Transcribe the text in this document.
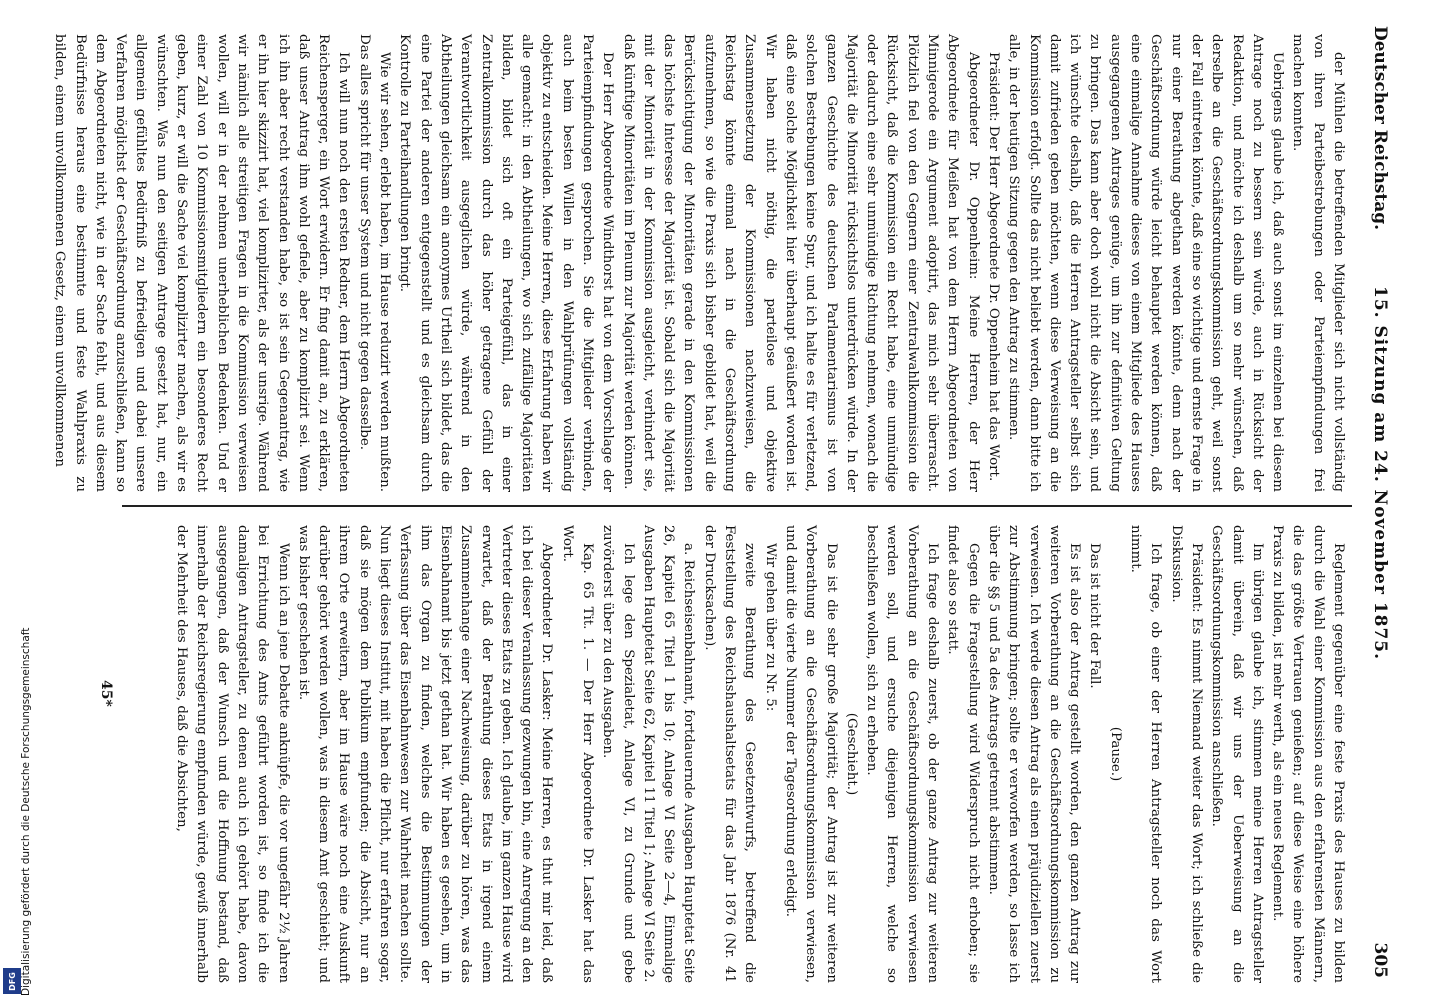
Deutscher Reichstag.
15. Sitzung am 24. November 1875.
305

der Mühlen die betreffenden Mitglieder sich nicht vollständig von ihren Parteibestrebungen oder Parteiempfindungen frei machen konnten.

Uebrigens glaube ich, daß auch sonst im einzelnen bei diesem Antrage noch zu bessern sein würde, auch in Rücksicht der Redaktion, und möchte ich deshalb um so mehr wünschen, daß derselbe an die Geschäftsordnungskommission geht, weil sonst der Fall eintreten könnte, daß eine so wichtige und ernste Frage in nur einer Berathung abgethan werden könnte, denn nach der Geschäftsordnung würde leicht behauptet werden können, daß eine einmalige Annahme dieses von einem Mitgliede des Hauses ausgegangenen Antrages genüge, um ihn zur definitiven Geltung zu bringen. Das kann aber doch wohl nicht die Absicht sein, und ich wünschte deshalb, daß die Herren Antragsteller selbst sich damit zufrieden geben möchten, wenn diese Verweisung an die Kommission erfolgt. Sollte das nicht beliebt werden, dann bitte ich alle, in der heutigen Sitzung gegen den Antrag zu stimmen.

Präsident: Der Herr Abgeordnete Dr. Oppenheim hat das Wort.

Abgeordneter Dr. Oppenheim: Meine Herren, der Herr Abgeordnete für Meißen hat von dem Herrn Abgeordneten von Minnigerode ein Argument adoptirt, das mich sehr überrascht. Plötzlich fiel von den Gegnern einer Zentralwahlkommission die Rücksicht, daß die Kommission ein Recht habe, eine unmündige oder dadurch eine sehr unmündige Richtung nehmen, wonach die Majorität die Minorität rücksichtslos unterdrücken würde. In der ganzen Geschichte des deutschen Parlamentarismus ist von solchen Bestrebungen keine Spur, und ich halte es für verletzend, daß eine solche Möglichkeit hier überhaupt geäußert worden ist. Wir haben nicht nöthig, die parteilose und objektive Zusammensetzung der Kommissionen nachzuweisen, die Reichstag könnte einmal nach in die Geschäftsordnung aufzunehmen, so wie die Praxis sich bisher gebildet hat, weil die Berücksichtigung der Minoritäten gerade in den Kommissionen das höchste Interesse der Majorität ist. Sobald sich die Majorität mit der Minorität in der Kommission ausgleicht, verhindert sie, daß künftige Minoritäten im Plenum zur Majorität werden können.

Der Herr Abgeordnete Windthorst hat von dem Vorschlage der Parteiempfindungen gesprochen. Sie die Mitglieder verbinden, auch beim besten Willen in den Wahlprüfungen vollständig objektiv zu entscheiden. Meine Herren, diese Erfahrung haben wir alle gemacht: in den Abtheilungen, wo sich zufällige Majoritäten bilden, bildet sich oft ein Parteigefühl, das in einer Zentralkommission durch das höher getragene Gefühl der Verantwortlichkeit ausgeglichen würde, während in den Abtheilungen gleichsam ein anonymes Urtheil sich bildet, das die eine Partei der anderen entgegenstellt und es gleichsam durch Kontrolle zu Parteihandlungen bringt.

Wie wir sehen, erlebt haben, im Hause reduzirt werden mußten. Das alles spricht für unser System und nicht gegen dasselbe.

Ich will nun noch den ersten Redner, dem Herrn Abgeordneten Reichensperger, ein Wort erwidern. Er fing damit an, zu erklären, daß unser Antrag ihm wohl gefiele, aber zu komplizirt sei. Wenn ich ihn aber recht verstanden habe, so ist sein Gegenantrag, wie er ihn hier skizzirt hat, viel komplizirter, als der unsrige. Während wir nämlich alle streitigen Fragen in die Kommission verweisen wollen, will er in der nehmen unerheblichen Bedenken. Und er einer Zahl von 10 Kommissionsmitgliedern ein besonderes Recht geben, kurz, er will die Sache viel komplizirter machen, als wir es wünschten. Was nun den seitigen Antrage gesetzt hat, nur, ein allgemein gefühltes Bedürfniß zu befriedigen und dabei unsere Verfahren möglichst der Geschäftsordnung anzuschließen, kann so dem Abgeordneten nicht, wie in der Sache fehlt, und aus diesem Bedürfnisse heraus eine bestimmte und feste Wahlpraxis zu bilden, einem unvollkommenen Gesetz, einem unvollkommenen

Reglement gegenüber eine feste Praxis des Hauses zu bilden durch die Wahl einer Kommission aus den erfahrensten Männern, die das größte Vertrauen genießen; auf diese Weise eine höhere Praxis zu bilden, ist mehr werth, als ein neues Reglement.

Im übrigen glaube ich, stimmen meine Herren Antragsteller damit überein, daß wir uns der Ueberweisung an die Geschäftsordnungskommission anschließen.

Präsident: Es nimmt Niemand weiter das Wort; ich schließe die Diskussion.

Ich frage, ob einer der Herren Antragsteller noch das Wort nimmt.

(Pause.)

Das ist nicht der Fall.

Es ist also der Antrag gestellt worden, den ganzen Antrag zur weiteren Vorberathung an die Geschäftsordnungskommission zu verweisen. Ich werde diesen Antrag als einen präjudiziellen zuerst zur Abstimmung bringen; sollte er verworfen werden, so lasse ich über die §§ 5 und 5a des Antrags getrennt abstimmen.

Gegen die Fragestellung wird Widerspruch nicht erhoben; sie findet also so statt.

Ich frage deshalb zuerst, ob der ganze Antrag zur weiteren Vorberathung an die Geschäftsordnungskommission verwiesen werden soll, und ersuche diejenigen Herren, welche so beschließen wollen, sich zu erheben.

(Geschieht.)

Das ist die sehr große Majorität; der Antrag ist zur weiteren Vorberathung an die Geschäftsordnungskommission verwiesen, und damit die vierte Nummer der Tagesordnung erledigt.

Wir gehen über zu Nr. 5:

zweite Berathung des Gesetzentwurfs, betreffend die Feststellung des Reichshaushaltsetats für das Jahr 1876 (Nr. 41 der Drucksachen).

a. Reichseisenbahnamt, fortdauernde Ausgaben Hauptetat Seite 26, Kapitel 65 Titel 1 bis 10; Anlage VI Seite 2—4, Einmalige Ausgaben Hauptetat Seite 62, Kapitel 11 Titel 1; Anlage VI Seite 2.

Ich lege den Spezialetat, Anlage VI, zu Grunde und gebe zuvörderst über zu den Ausgaben.

Kap. 65 Tit. 1. — Der Herr Abgeordnete Dr. Lasker hat das Wort.

Abgeordneter Dr. Lasker: Meine Herren, es thut mir leid, daß ich bei dieser Veranlassung gezwungen bin, eine Anregung an den Vertreter dieses Etats zu geben. Ich glaube, im ganzen Hause wird erwartet, daß der Berathung dieses Etats in irgend einem Zusammenhange einer Nachweisung, darüber zu hören, was das Eisenbahnamt bis jetzt gethan hat. Wir haben es gesehen, um in ihm das Organ zu finden, welches die Bestimmungen der Verfassung über das Eisenbahnwesen zur Wahrheit machen sollte. Nun liegt dieses Institut, mit haben die Pflicht, nur erfahren sogar, daß sie mögen dem Publikum empfunden; die Absicht, nur an ihrem Orte erweitern, aber im Hause wäre noch eine Auskunft darüber gehört werden wollen, was in diesem Amt geschieht; und was bisher geschehen ist.

Wenn ich an jene Debatte anknüpfe, die vor ungefähr 2½ Jahren bei Errichtung des Amts geführt worden ist, so finde ich die damaligen Antragsteller, zu denen auch ich gehört habe, davon ausgegangen, daß der Wunsch und die Hoffnung bestand, daß innerhalb der Reichsregierung empfunden würde, gewiß innerhalb der Mehrheit des Hauses, daß die Absichten,

45*
DFG Digitalisierung gefördert durch die Deutsche Forschungsgemeinschaft
